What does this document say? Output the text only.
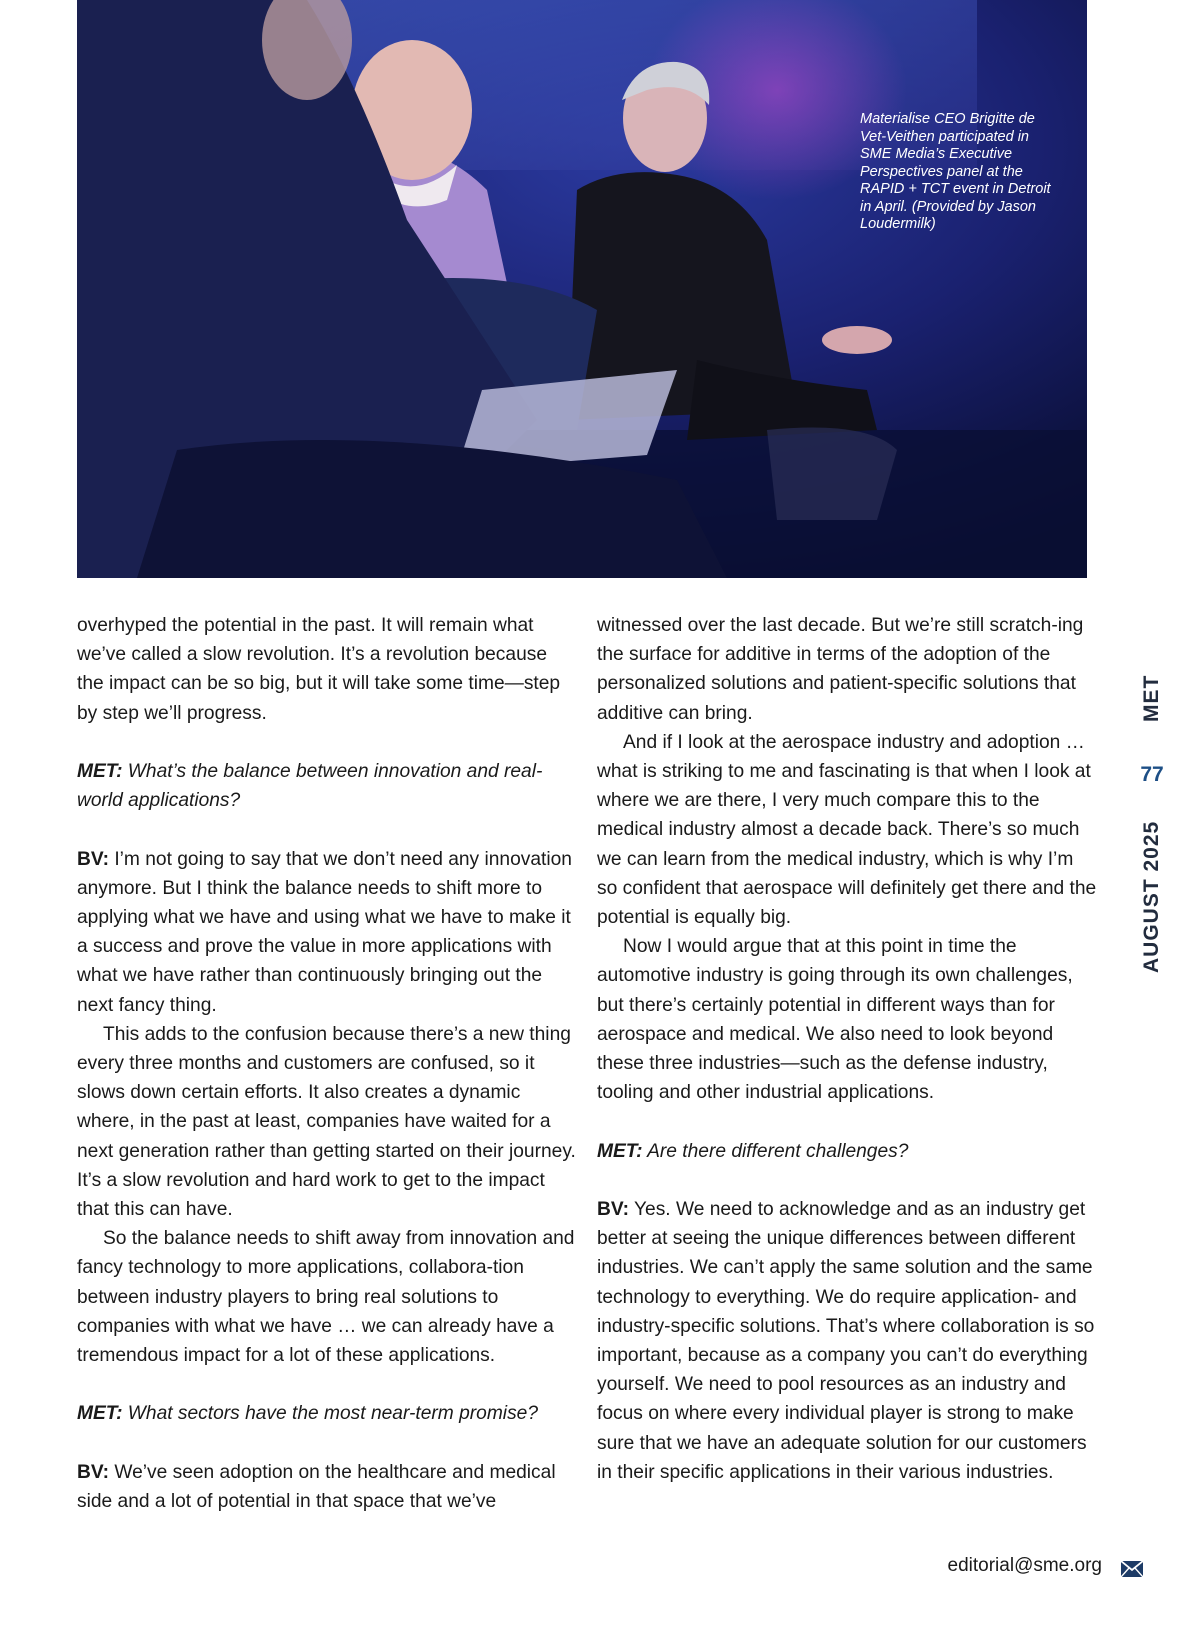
Materialise CEO Brigitte de Vet-Veithen participated in SME Media’s Executive Perspectives panel at the RAPID + TCT event in Detroit in April. (Provided by Jason Loudermilk)

overhyped the potential in the past. It will remain what we’ve called a slow revolution. It’s a revolution because the impact can be so big, but it will take some time—step by step we’ll progress.

MET: What’s the balance between innovation and real-world applications?

BV: I’m not going to say that we don’t need any innovation anymore. But I think the balance needs to shift more to applying what we have and using what we have to make it a success and prove the value in more applications with what we have rather than continuously bringing out the next fancy thing.

This adds to the confusion because there’s a new thing every three months and customers are confused, so it slows down certain efforts. It also creates a dynamic where, in the past at least, companies have waited for a next generation rather than getting started on their journey. It’s a slow revolution and hard work to get to the impact that this can have.

So the balance needs to shift away from innovation and fancy technology to more applications, collabora-tion between industry players to bring real solutions to companies with what we have … we can already have a tremendous impact for a lot of these applications.

MET: What sectors have the most near-term promise?

BV: We’ve seen adoption on the healthcare and medical side and a lot of potential in that space that we’ve

witnessed over the last decade. But we’re still scratch-ing the surface for additive in terms of the adoption of the personalized solutions and patient-specific solutions that additive can bring.

And if I look at the aerospace industry and adoption … what is striking to me and fascinating is that when I look at where we are there, I very much compare this to the medical industry almost a decade back. There’s so much we can learn from the medical industry, which is why I’m so confident that aerospace will definitely get there and the potential is equally big.

Now I would argue that at this point in time the automotive industry is going through its own challenges, but there’s certainly potential in different ways than for aerospace and medical. We also need to look beyond these three industries—such as the defense industry, tooling and other industrial applications.

MET: Are there different challenges?

BV: Yes. We need to acknowledge and as an industry get better at seeing the unique differences between different industries. We can’t apply the same solution and the same technology to everything. We do require application- and industry-specific solutions. That’s where collaboration is so important, because as a company you can’t do everything yourself. We need to pool resources as an industry and focus on where every individual player is strong to make sure that we have an adequate solution for our customers in their specific applications in their various industries.

MET
77
AUGUST 2025
editorial@sme.org
